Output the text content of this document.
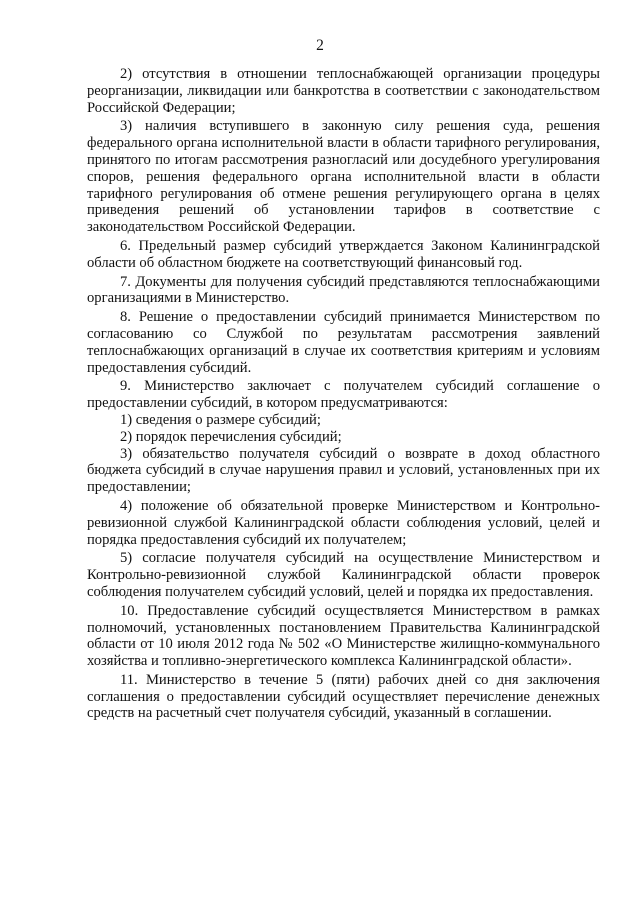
2

2) отсутствия в отношении теплоснабжающей организации процедуры реорганизации, ликвидации или банкротства в соответствии с законодательством Российской Федерации;

3) наличия вступившего в законную силу решения суда, решения федерального органа исполнительной власти в области тарифного регулирования, принятого по итогам рассмотрения разногласий или досудебного урегулирования споров, решения федерального органа исполнительной власти в области тарифного регулирования об отмене решения регулирующего органа в целях приведения решений об установлении тарифов в соответствие с законодательством Российской Федерации.

6. Предельный размер субсидий утверждается Законом Калининградской области об областном бюджете на соответствующий финансовый год.

7. Документы для получения субсидий представляются теплоснабжающими организациями в Министерство.

8. Решение о предоставлении субсидий принимается Министерством по согласованию со Службой по результатам рассмотрения заявлений теплоснабжающих организаций в случае их соответствия критериям и условиям предоставления субсидий.

9. Министерство заключает с получателем субсидий соглашение о предоставлении субсидий, в котором предусматриваются:

1) сведения о размере субсидий;

2) порядок перечисления субсидий;

3) обязательство получателя субсидий о возврате в доход областного бюджета субсидий в случае нарушения правил и условий, установленных при их предоставлении;

4) положение об обязательной проверке Министерством и Контрольно-ревизионной службой Калининградской области соблюдения условий, целей и порядка предоставления субсидий их получателем;

5) согласие получателя субсидий на осуществление Министерством и Контрольно-ревизионной службой Калининградской области проверок соблюдения получателем субсидий условий, целей и порядка их предоставления.

10. Предоставление субсидий осуществляется Министерством в рамках полномочий, установленных постановлением Правительства Калининградской области от 10 июля 2012 года № 502 «О Министерстве жилищно-коммунального хозяйства и топливно-энергетического комплекса Калининградской области».

11. Министерство в течение 5 (пяти) рабочих дней со дня заключения соглашения о предоставлении субсидий осуществляет перечисление денежных средств на расчетный счет получателя субсидий, указанный в соглашении.
